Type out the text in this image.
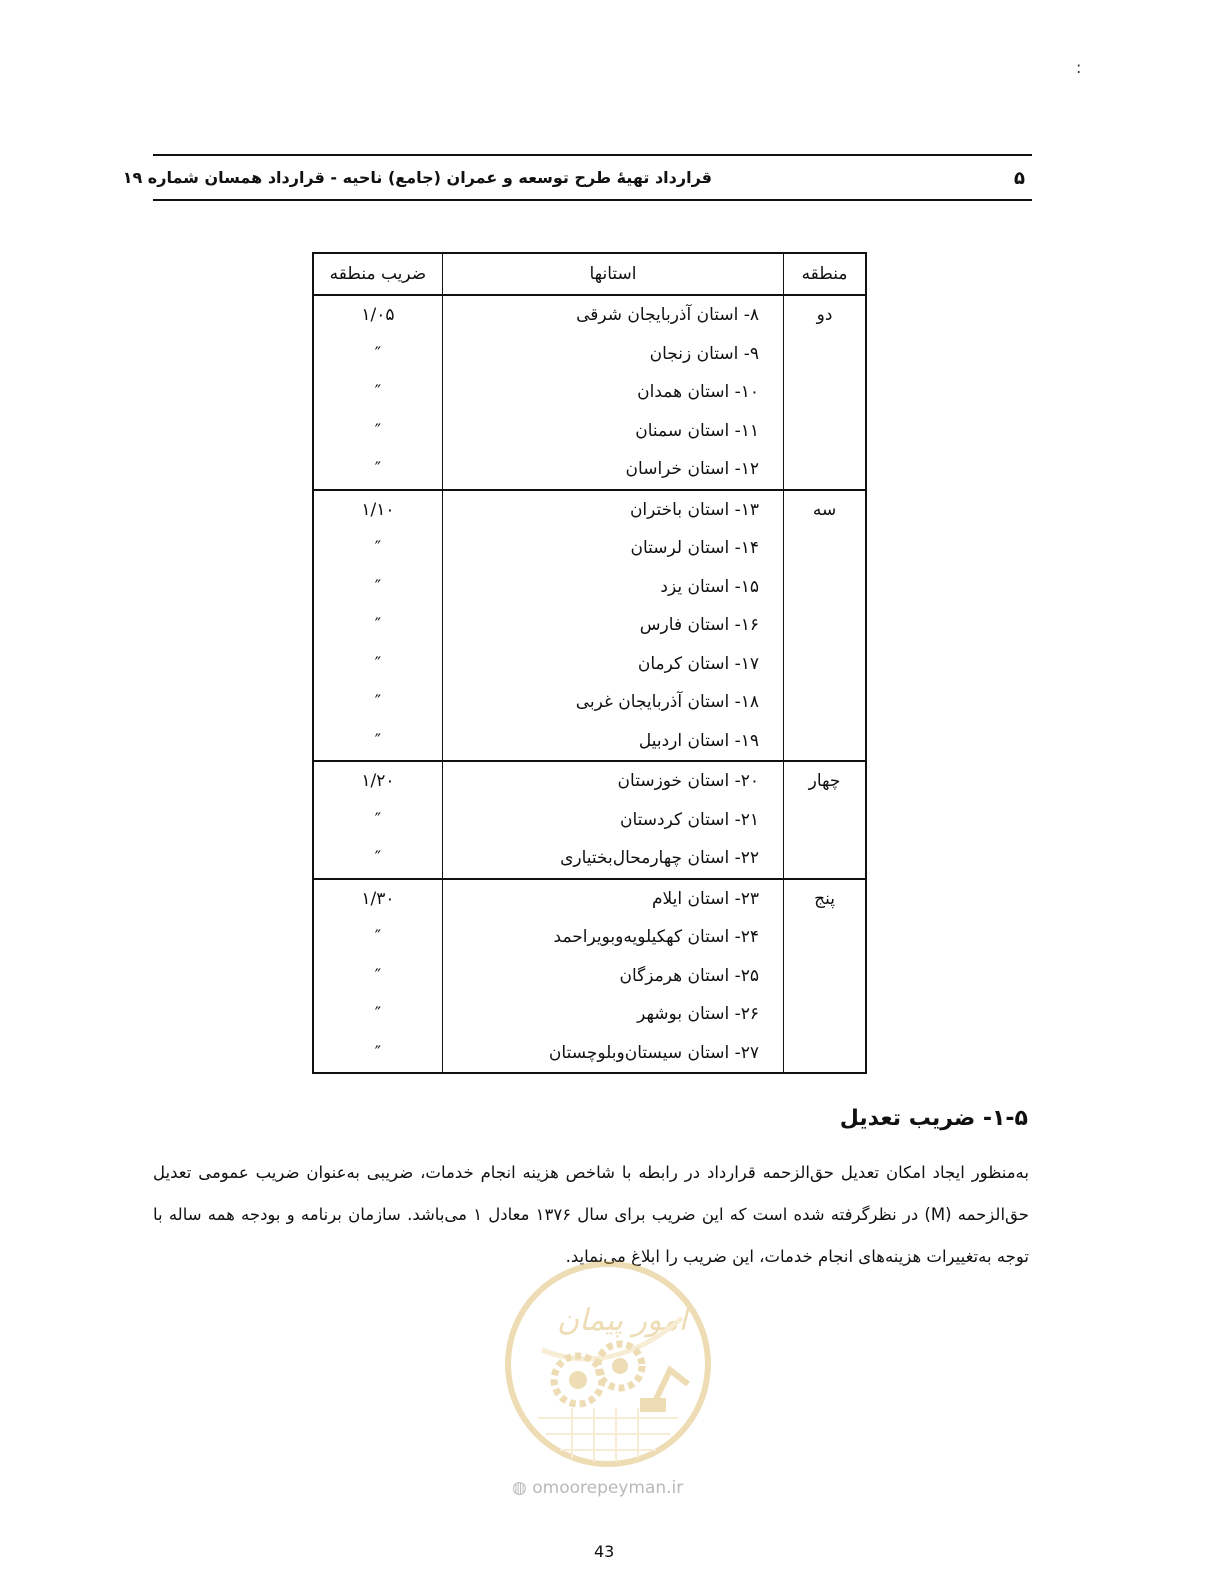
:
۵
قرارداد تهیهٔ طرح توسعه و عمران (جامع) ناحیه - قرارداد همسان شماره ۱۹
منطقه	استانها	ضریب منطقه
دو	۸- استان آذربایجان شرقی	۱/۰۵
	۹- استان زنجان	″
	۱۰- استان همدان	″
	۱۱- استان سمنان	″
	۱۲- استان خراسان	″
سه	۱۳- استان باختران	۱/۱۰
	۱۴- استان لرستان	″
	۱۵- استان یزد	″
	۱۶- استان فارس	″
	۱۷- استان کرمان	″
	۱۸- استان آذربایجان غربی	″
	۱۹- استان اردبیل	″
چهار	۲۰- استان خوزستان	۱/۲۰
	۲۱- استان کردستان	″
	۲۲- استان چهارمحال‌بختیاری	″
پنج	۲۳- استان ایلام	۱/۳۰
	۲۴- استان کهکیلویه‌وبویراحمد	″
	۲۵- استان هرمزگان	″
	۲۶- استان بوشهر	″
	۲۷- استان سیستان‌وبلوچستان	″
۱-۵- ضریب تعدیل
به‌منظور ایجاد امکان تعدیل حق‌الزحمه قرارداد در رابطه با شاخص هزینه انجام خدمات، ضریبی به‌عنوان ضریب عمومی تعدیل حق‌الزحمه (M) در نظرگرفته شده است که این ضریب برای سال ۱۳۷۶ معادل ۱ می‌باشد. سازمان برنامه و بودجه همه ساله با توجه به‌تغییرات هزینه‌های انجام خدمات، این ضریب را ابلاغ می‌نماید.
امور پیمان
◍ omoorepeyman.ir
43
